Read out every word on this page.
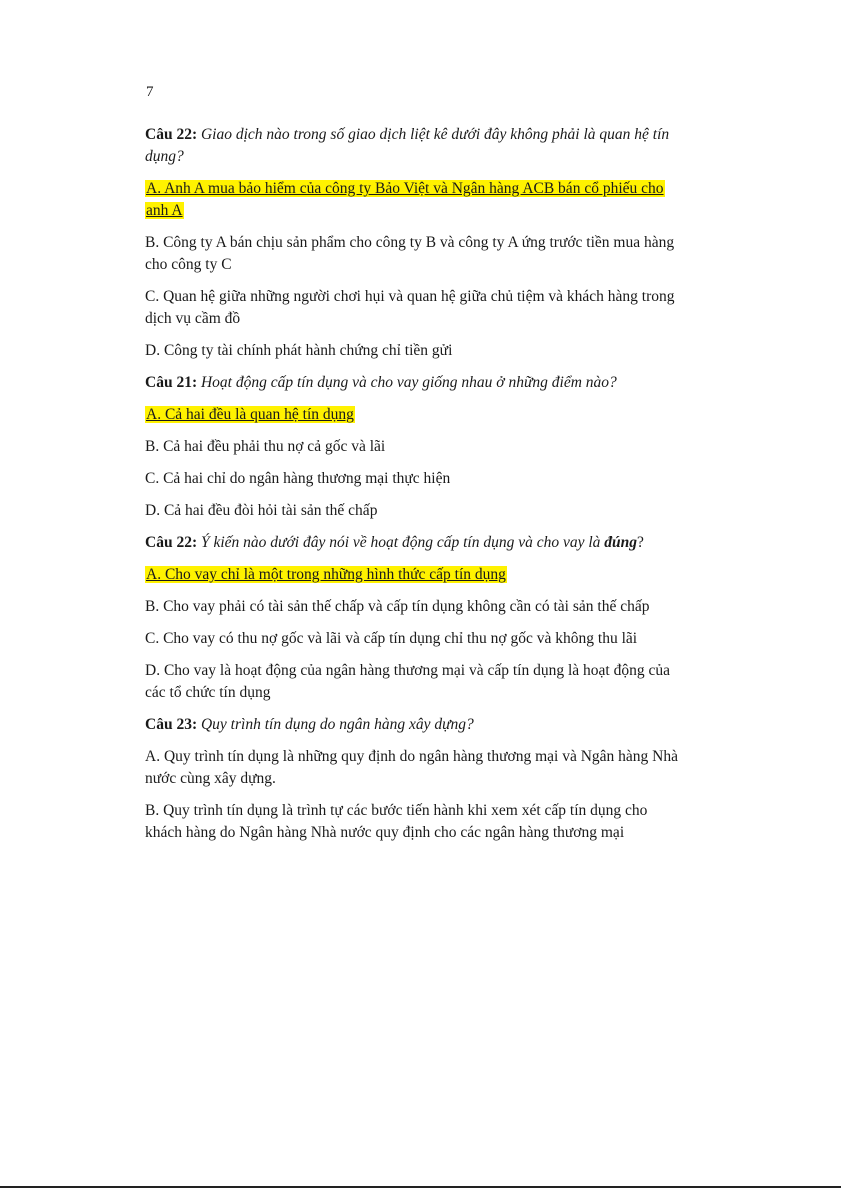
7

Câu 22: Giao dịch nào trong số giao dịch liệt kê dưới đây không phải là quan hệ tín dụng?

A. Anh A mua bảo hiểm của công ty Bảo Việt và Ngân hàng ACB bán cổ phiếu cho anh A

B. Công ty A bán chịu sản phẩm cho công ty B và công ty A ứng trước tiền mua hàng cho công ty C

C. Quan hệ giữa những người chơi hụi và quan hệ giữa chủ tiệm và khách hàng trong dịch vụ cầm đồ

D. Công ty tài chính phát hành chứng chỉ tiền gửi

Câu 21: Hoạt động cấp tín dụng và cho vay giống nhau ở những điểm nào?

A. Cả hai đều là quan hệ tín dụng

B. Cả hai đều phải thu nợ cả gốc và lãi

C. Cả hai chỉ do ngân hàng thương mại thực hiện

D. Cả hai đều đòi hỏi tài sản thế chấp

Câu 22: Ý kiến nào dưới đây nói về hoạt động cấp tín dụng và cho vay là đúng?

A. Cho vay chỉ là một trong những hình thức cấp tín dụng

B. Cho vay phải có tài sản thế chấp và cấp tín dụng không cần có tài sản thế chấp

C. Cho vay có thu nợ gốc và lãi và cấp tín dụng chỉ thu nợ gốc và không thu lãi

D. Cho vay là hoạt động của ngân hàng thương mại và cấp tín dụng là hoạt động của các tổ chức tín dụng

Câu 23: Quy trình tín dụng do ngân hàng xây dựng?

A. Quy trình tín dụng là những quy định do ngân hàng thương mại và Ngân hàng Nhà nước cùng xây dựng.

B. Quy trình tín dụng là trình tự các bước tiến hành khi xem xét cấp tín dụng cho khách hàng do Ngân hàng Nhà nước quy định cho các ngân hàng thương mại
